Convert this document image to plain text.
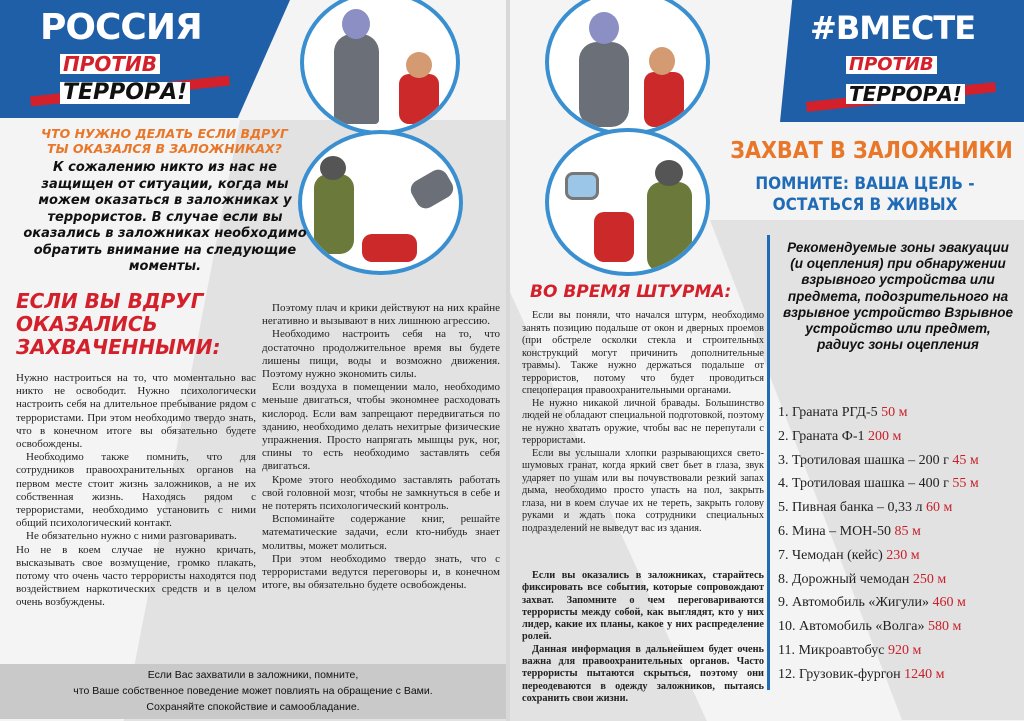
РОССИЯ
ПРОТИВ
ТЕРРОРА!
ЧТО НУЖНО ДЕЛАТЬ ЕСЛИ ВДРУГ
ТЫ ОКАЗАЛСЯ В ЗАЛОЖНИКАХ?
К сожалению никто из нас не защищен от ситуации, когда мы можем оказаться в заложниках у террористов. В случае если вы оказались в заложниках необходимо обратить внимание на следующие моменты.
ЕСЛИ ВЫ ВДРУГ
ОКАЗАЛИСЬ
ЗАХВАЧЕННЫМИ:

Нужно настроиться на то, что моментально вас никто не освободит. Нужно психологически настроить себя на длительное пребывание рядом с террористами. При этом необходимо твердо знать, что в конечном итоге вы обязательно будете освобождены.

Необходимо также помнить, что для сотрудников правоохранительных органов на первом месте стоит жизнь заложников, а не их собственная жизнь. Находясь рядом с террористами, необходимо установить с ними общий психологический контакт.

Не обязательно нужно с ними разговаривать.

Но не в коем случае не нужно кричать, высказывать свое возмущение, громко плакать, потому что очень часто террористы находятся под воздействием наркотических средств и в целом очень возбуждены.

Поэтому плач и крики действуют на них крайне негативно и вызывают в них лишнюю агрессию.

Необходимо настроить себя на то, что достаточно продолжительное время вы будете лишены пищи, воды и возможно движения. Поэтому нужно экономить силы.

Если воздуха в помещении мало, необходимо меньше двигаться, чтобы экономнее расходовать кислород. Если вам запрещают передвигаться по зданию, необходимо делать нехитрые физические упражнения. Просто напрягать мышцы рук, ног, спины то есть необходимо заставлять себя двигаться.

Кроме этого необходимо заставлять работать свой головной мозг, чтобы не замкнуться в себе и не потерять психологический контроль.

Вспоминайте содержание книг, решайте математические задачи, если кто-нибудь знает молитвы, может молиться.

При этом необходимо твердо знать, что с террористами ведутся переговоры и, в конечном итоге, вы обязательно будете освобождены.

Если Вас захватили в заложники, помните,
что Ваше собственное поведение может повлиять на обращение с Вами.
Сохраняйте спокойствие и самообладание.
#ВМЕСТЕ
ПРОТИВ
ТЕРРОРА!
ЗАХВАТ В ЗАЛОЖНИКИ
ПОМНИТЕ: ВАША ЦЕЛЬ -
ОСТАТЬСЯ В ЖИВЫХ
ВО ВРЕМЯ ШТУРМА:

Если вы поняли, что начался штурм, необходимо занять позицию подальше от окон и дверных проемов (при обстреле осколки стекла и строительных конструкций могут причинить дополнительные травмы). Также нужно держаться подальше от террористов, потому что будет проводиться спецоперация правоохранительными органами.

Не нужно никакой личной бравады. Большинство людей не обладают специальной подготовкой, поэтому не нужно хватать оружие, чтобы вас не перепутали с террористами.

Если вы услышали хлопки разрывающихся свето-шумовых гранат, когда яркий свет бьет в глаза, звук ударяет по ушам или вы почувствовали резкий запах дыма, необходимо просто упасть на пол, закрыть глаза, ни в коем случае их не тереть, закрыть голову руками и ждать пока сотрудники специальных подразделений не выведут вас из здания.

Если вы оказались в заложниках, старайтесь фиксировать все события, которые сопровождают захват. Запомните о чем переговариваются террористы между собой, как выглядят, кто у них лидер, какие их планы, какое у них распределение ролей.

Данная информация в дальнейшем будет очень важна для правоохранительных органов. Часто террористы пытаются скрыться, поэтому они переодеваются в одежду заложников, пытаясь сохранить свои жизни.

Рекомендуемые зоны эвакуации (и оцепления) при обнаружении взрывного устройства или предмета, подозрительного на взрывное устройство Взрывное устройство или предмет, радиус зоны оцепления
1. Граната РГД-5 50 м
2. Граната Ф-1 200 м
3. Тротиловая шашка – 200 г 45 м
4. Тротиловая шашка – 400 г 55 м
5. Пивная банка – 0,33 л 60 м
6. Мина – МОН-50 85 м
7. Чемодан (кейс) 230 м
8. Дорожный чемодан 250 м
9. Автомобиль «Жигули» 460 м
10. Автомобиль «Волга» 580 м
11. Микроавтобус 920 м
12. Грузовик-фургон 1240 м
